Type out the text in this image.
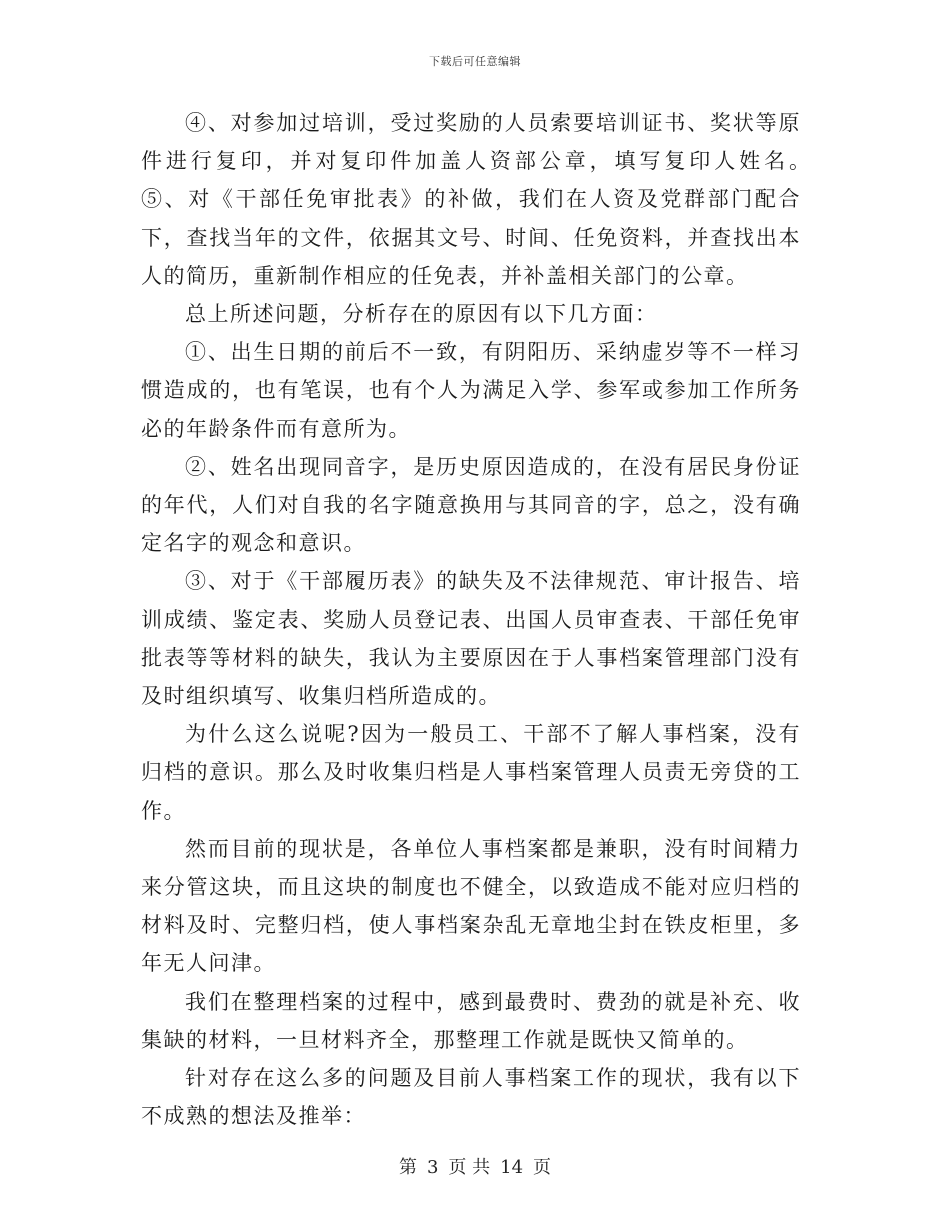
下载后可任意编辑

④、对参加过培训，受过奖励的人员索要培训证书、奖状等原件进行复印，并对复印件加盖人资部公章，填写复印人姓名。　　⑤、对《干部任免审批表》的补做，我们在人资及党群部门配合下，查找当年的文件，依据其文号、时间、任免资料，并查找出本人的简历，重新制作相应的任免表，并补盖相关部门的公章。

总上所述问题，分析存在的原因有以下几方面：

①、出生日期的前后不一致，有阴阳历、采纳虚岁等不一样习惯造成的，也有笔误，也有个人为满足入学、参军或参加工作所务必的年龄条件而有意所为。

②、姓名出现同音字，是历史原因造成的，在没有居民身份证的年代，人们对自我的名字随意换用与其同音的字，总之，没有确定名字的观念和意识。

③、对于《干部履历表》的缺失及不法律规范、审计报告、培训成绩、鉴定表、奖励人员登记表、出国人员审查表、干部任免审批表等等材料的缺失，我认为主要原因在于人事档案管理部门没有及时组织填写、收集归档所造成的。

为什么这么说呢?因为一般员工、干部不了解人事档案，没有归档的意识。那么及时收集归档是人事档案管理人员责无旁贷的工作。

然而目前的现状是，各单位人事档案都是兼职，没有时间精力来分管这块，而且这块的制度也不健全，以致造成不能对应归档的材料及时、完整归档，使人事档案杂乱无章地尘封在铁皮柜里，多年无人问津。

我们在整理档案的过程中，感到最费时、费劲的就是补充、收集缺的材料，一旦材料齐全，那整理工作就是既快又简单的。

针对存在这么多的问题及目前人事档案工作的现状，我有以下不成熟的想法及推举：

第 3 页 共 14 页
